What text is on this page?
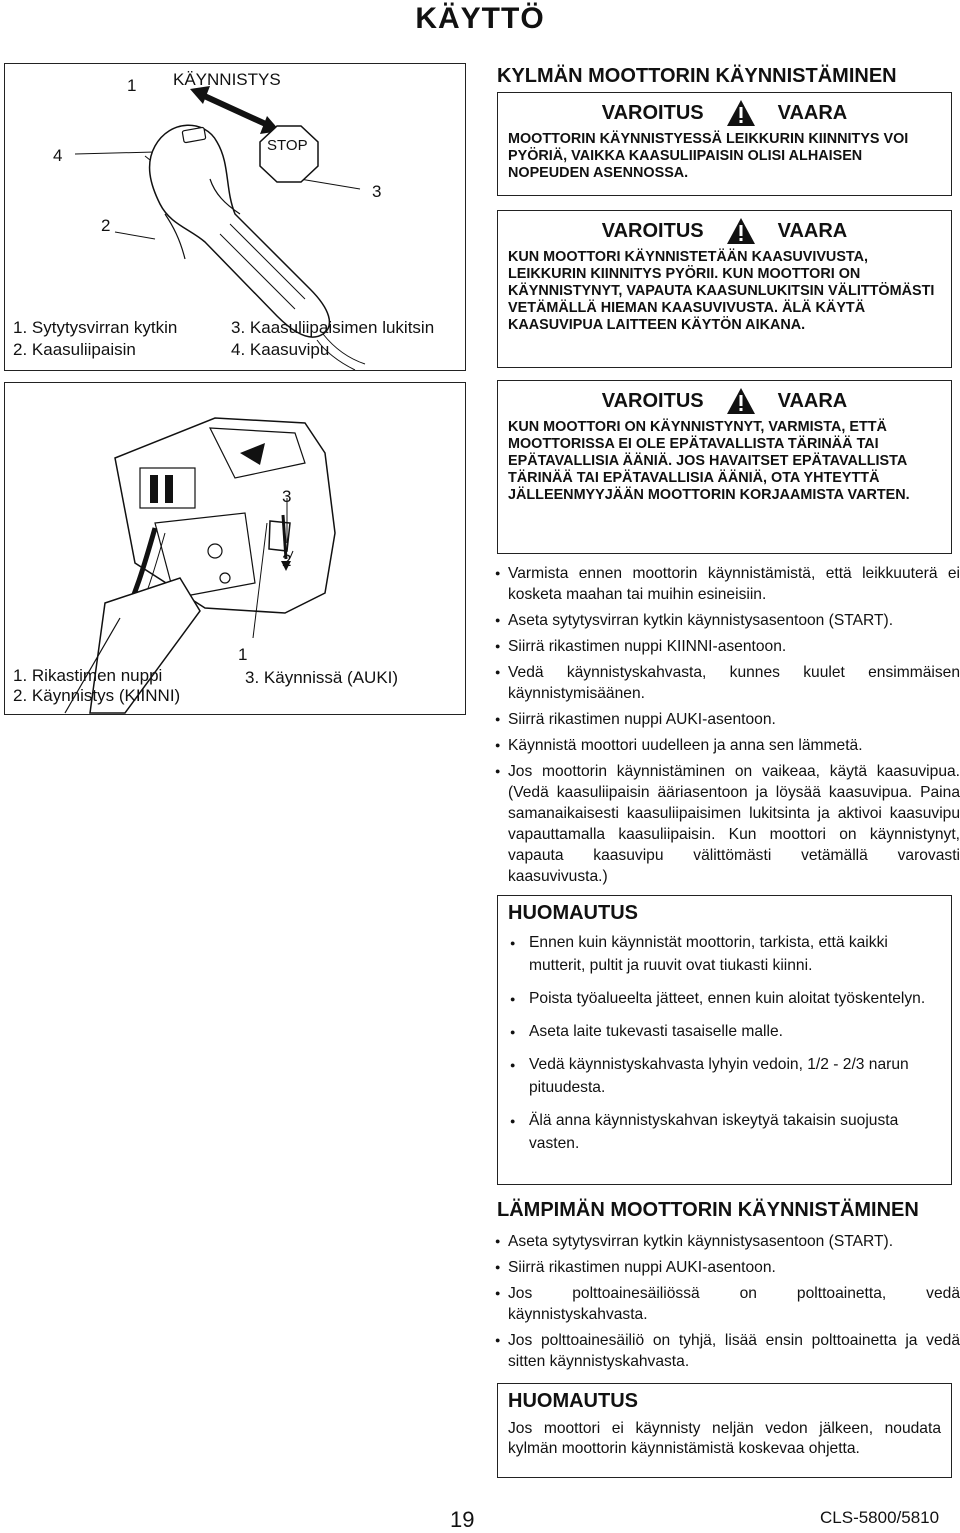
KÄYTTÖ
1 KÄYNNISTYS
4
STOP
3
2
1. Sytytysvirran kytkin
2. Kaasuliipaisin
3. Kaasuliipaisimen lukitsin
4. Kaasuvipu
3
2
1
1. Rikastimen nuppi
2. Käynnistys (KIINNI)
3. Käynnissä (AUKI)
KYLMÄN MOOTTORIN KÄYNNISTÄMINEN
VAROITUS	VAARA
MOOTTORIN KÄYNNISTYESSÄ LEIKKURIN KIINNITYS VOI PYÖRIÄ, VAIKKA KAASULIIPAISIN OLISI ALHAISEN NOPEUDEN ASENNOSSA.
VAROITUS	VAARA
KUN MOOTTORI KÄYNNISTETÄÄN KAASUVIVUSTA, LEIKKURIN KIINNITYS PYÖRII. KUN MOOTTORI ON KÄYNNISTYNYT, VAPAUTA KAASUNLUKITSIN VÄLITTÖMÄSTI VETÄMÄLLÄ HIEMAN KAASUVIVUSTA. ÄLÄ KÄYTÄ KAASUVIPUA LAITTEEN KÄYTÖN AIKANA.
VAROITUS	VAARA
KUN MOOTTORI ON KÄYNNISTYNYT, VARMISTA, ETTÄ MOOTTORISSA EI OLE EPÄTAVALLISTA TÄRINÄÄ TAI EPÄTAVALLISIA ÄÄNIÄ. JOS HAVAITSET EPÄTAVALLISTA TÄRINÄÄ TAI EPÄTAVALLISIA ÄÄNIÄ, OTA YHTEYTTÄ JÄLLEENMYYJÄÄN MOOTTORIN KORJAAMISTA VARTEN.
● Varmista ennen moottorin käynnistämistä, että leikkuuterä ei kosketa maahan tai muihin esineisiin.
● Aseta sytytysvirran kytkin käynnistysasentoon (START).
● Siirrä rikastimen nuppi KIINNI-asentoon.
● Vedä käynnistyskahvasta, kunnes kuulet ensimmäisen käynnistymisäänen.
● Siirrä rikastimen nuppi AUKI-asentoon.
● Käynnistä moottori uudelleen ja anna sen lämmetä.
● Jos moottorin käynnistäminen on vaikeaa, käytä kaasuvipua. (Vedä kaasuliipaisin ääriasentoon ja löysää kaasuvipua. Paina samanaikaisesti kaasuliipaisimen lukitsinta ja aktivoi kaasuvipu vapauttamalla kaasuliipaisin. Kun moottori on käynnistynyt, vapauta kaasuvipu välittömästi vetämällä varovasti kaasuvivusta.)
HUOMAUTUS
● Ennen kuin käynnistät moottorin, tarkista, että kaikki mutterit, pultit ja ruuvit ovat tiukasti kiinni.
● Poista työalueelta jätteet, ennen kuin aloitat työskentelyn.
● Aseta laite tukevasti tasaiselle malle.
● Vedä käynnistyskahvasta lyhyin vedoin, 1/2 - 2/3 narun pituudesta.
● Älä anna käynnistyskahvan iskeytyä takaisin suojusta vasten.
LÄMPIMÄN MOOTTORIN KÄYNNISTÄMINEN
● Aseta sytytysvirran kytkin käynnistysasentoon (START).
● Siirrä rikastimen nuppi AUKI-asentoon.
● Jos polttoainesäiliössä on polttoainetta, vedä käynnistyskahvasta.
● Jos polttoainesäiliö on tyhjä, lisää ensin polttoainetta ja vedä sitten käynnistyskahvasta.
HUOMAUTUS
Jos moottori ei käynnisty neljän vedon jälkeen, noudata kylmän moottorin käynnistämistä koskevaa ohjetta.
19	CLS-5800/5810
